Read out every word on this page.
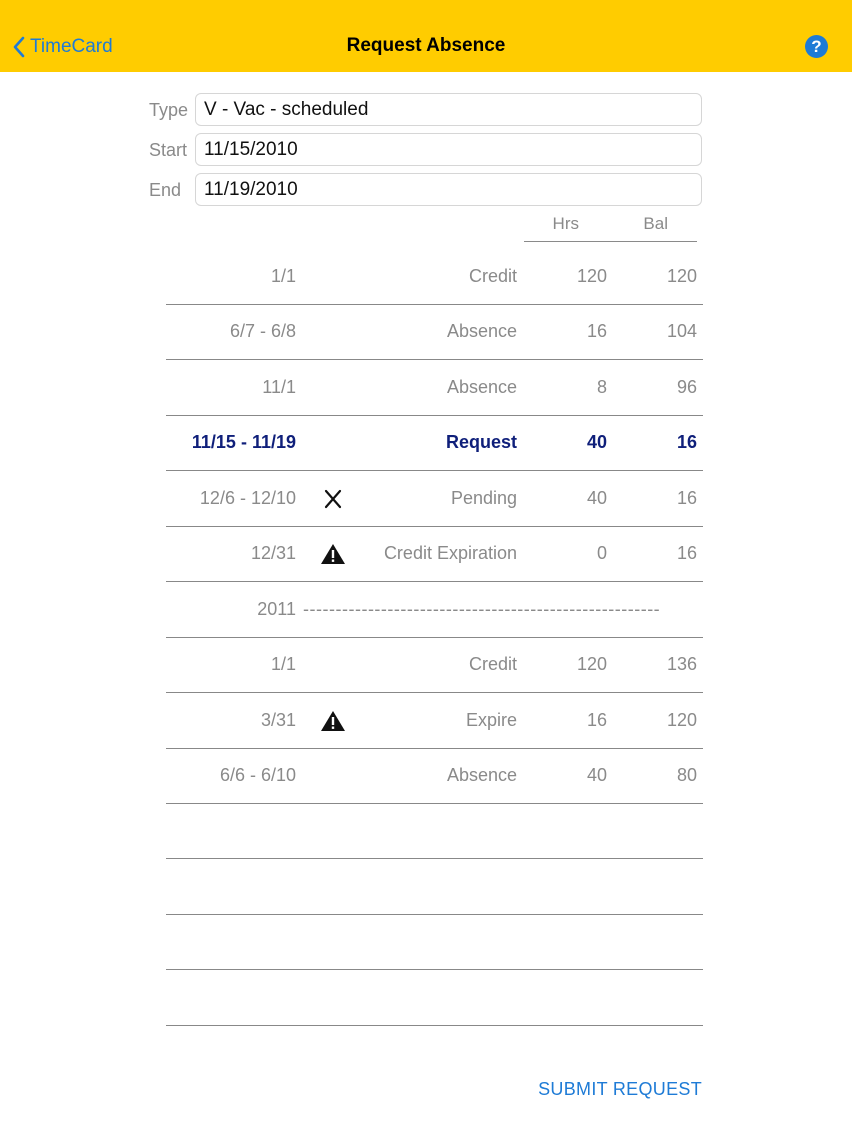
TimeCard	Request Absence	?
Type V - Vac - scheduled
Start 11/15/2010
End	11/19/2010
Hrs	Bal
1/1	Credit	120	120
6/7 - 6/8	Absence	16	104
11/1	Absence	8	96
11/15 - 11/19	Request	40	16
12/6 - 12/10	Pending	40	16
12/31	Credit Expiration	0	16
2011 -------------------------------------------------------
1/1	Credit	120	136
3/31	Expire	16	120
6/6 - 6/10	Absence	40	80
SUBMIT REQUEST
